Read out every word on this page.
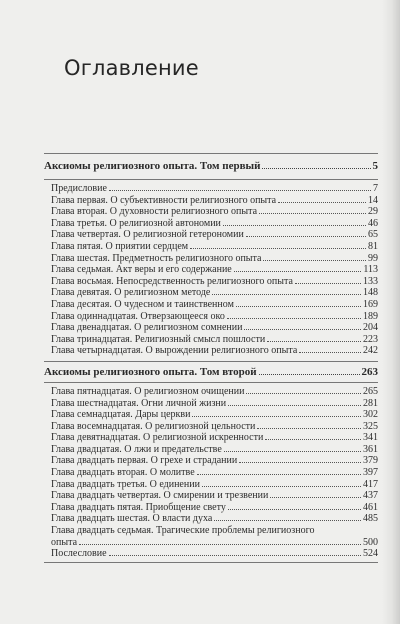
Оглавление
Аксиомы религиозного опыта. Том первый	5
Предисловие	7
Глава первая. О субъективности религиозного опыта	14
Глава вторая. О духовности религиозного опыта	29
Глава третья. О религиозной автономии	46
Глава четвертая. О религиозной гетерономии	65
Глава пятая. О приятии сердцем	81
Глава шестая. Предметность религиозного опыта	99
Глава седьмая. Акт веры и его содержание	113
Глава восьмая. Непосредственность религиозного опыта	133
Глава девятая. О религиозном методе	148
Глава десятая. О чудесном и таинственном	169
Глава одиннадцатая. Отверзающееся око	189
Глава двенадцатая. О религиозном сомнении	204
Глава тринадцатая. Религиозный смысл пошлости	223
Глава четырнадцатая. О вырождении религиозного опыта	242
Аксиомы религиозного опыта. Том второй	263
Глава пятнадцатая. О религиозном очищении	265
Глава шестнадцатая. Огни личной жизни	281
Глава семнадцатая. Дары церкви	302
Глава восемнадцатая. О религиозной цельности	325
Глава девятнадцатая. О религиозной искренности	341
Глава двадцатая. О лжи и предательстве	361
Глава двадцать первая. О грехе и страдании	379
Глава двадцать вторая. О молитве	397
Глава двадцать третья. О единении	417
Глава двадцать четвертая. О смирении и трезвении	437
Глава двадцать пятая. Приобщение свету	461
Глава двадцать шестая. О власти духа	485
Глава двадцать седьмая. Трагические проблемы религиозного
опыта	500
Послесловие	524
